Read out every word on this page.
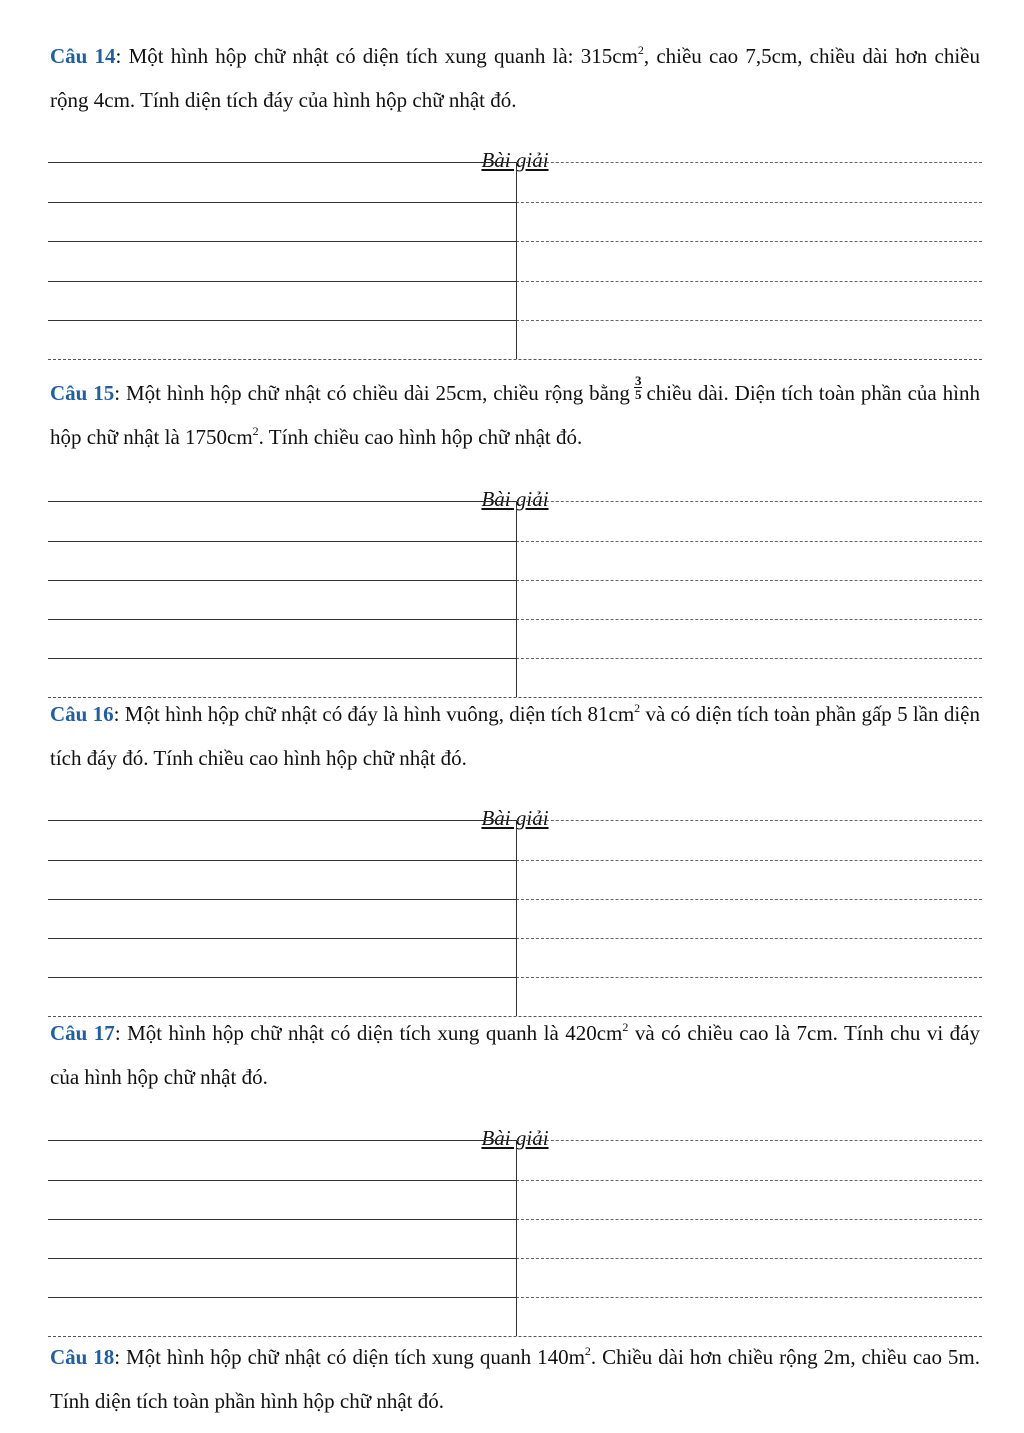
Câu 14: Một hình hộp chữ nhật có diện tích xung quanh là: $315cm^2$, chiều cao 7,5cm, chiều dài hơn chiều rộng 4cm. Tính diện tích đáy của hình hộp chữ nhật đó.
Bài giải
Câu 15: Một hình hộp chữ nhật có chiều dài 25cm, chiều rộng bằng $\frac{3}{5}$ chiều dài. Diện tích toàn phần của hình hộp chữ nhật là $1750cm^2$. Tính chiều cao hình hộp chữ nhật đó.
Bài giải
Câu 16: Một hình hộp chữ nhật có đáy là hình vuông, diện tích $81cm^2$ và có diện tích toàn phần gấp 5 lần diện tích đáy đó. Tính chiều cao hình hộp chữ nhật đó.
Bài giải
Câu 17: Một hình hộp chữ nhật có diện tích xung quanh là $420cm^2$ và có chiều cao là 7cm. Tính chu vi đáy của hình hộp chữ nhật đó.
Bài giải
Câu 18: Một hình hộp chữ nhật có diện tích xung quanh $140m^2$. Chiều dài hơn chiều rộng 2m, chiều cao 5m. Tính diện tích toàn phần hình hộp chữ nhật đó.
